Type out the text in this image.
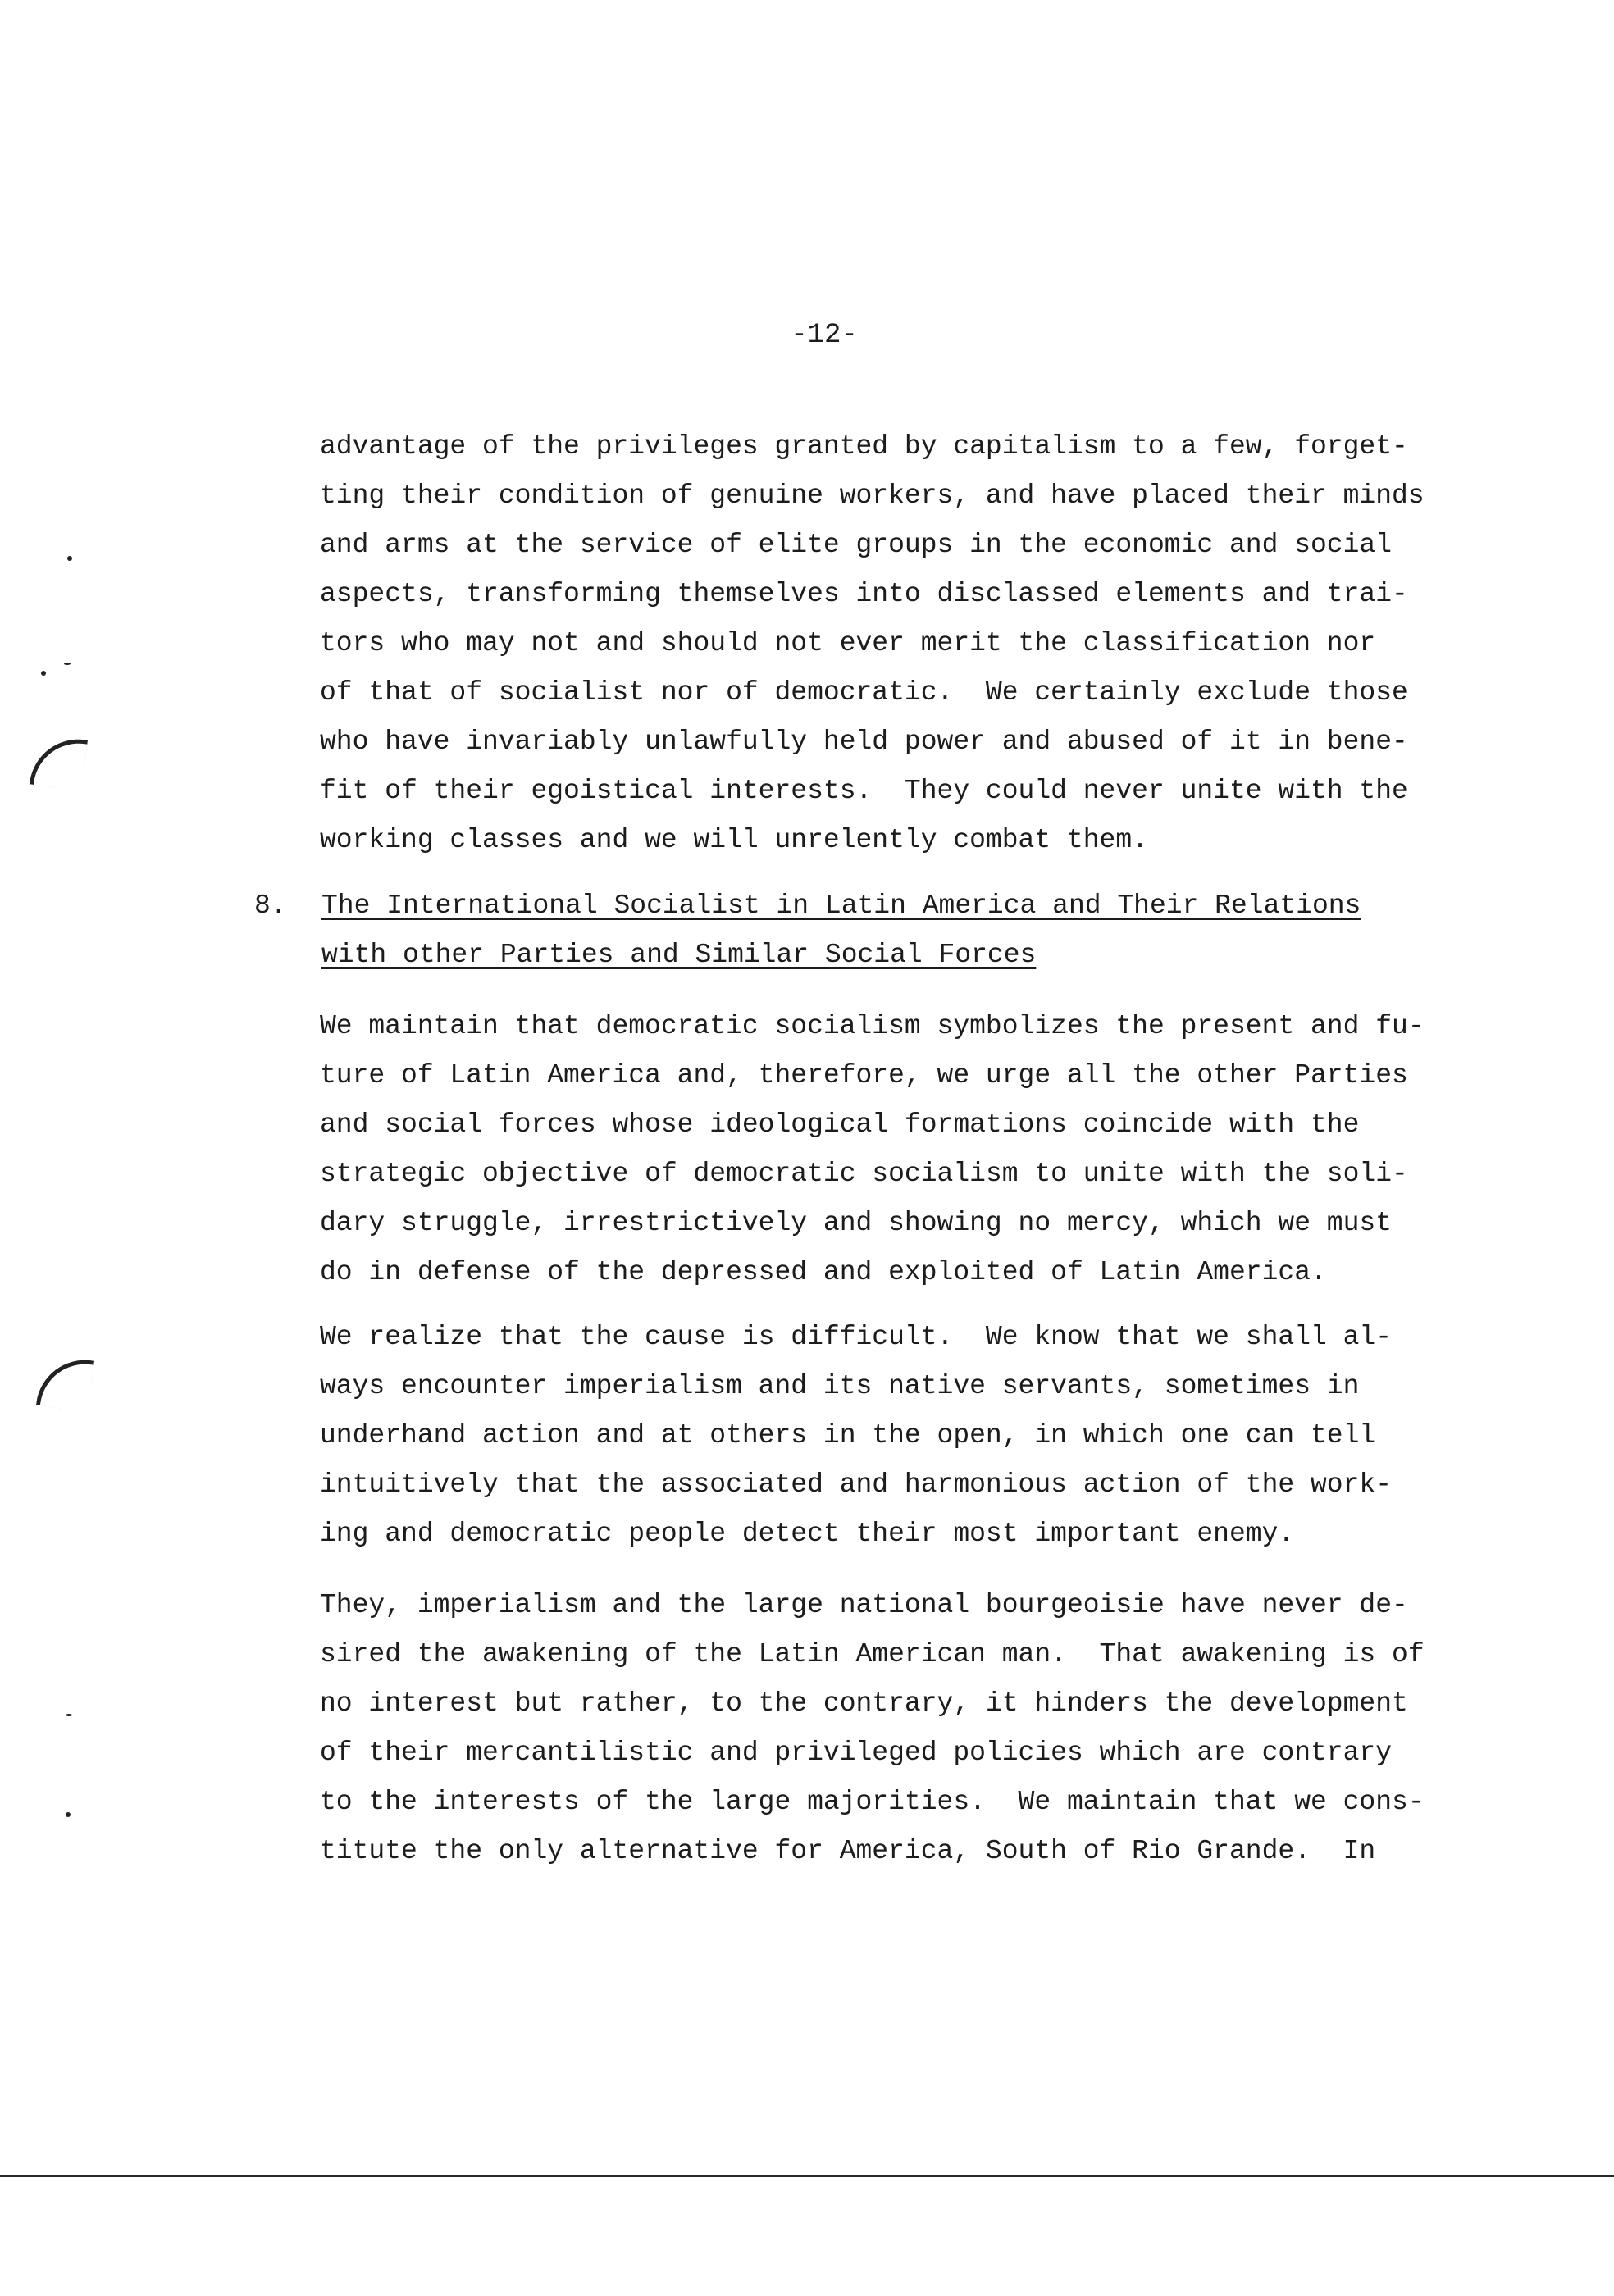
-12-
advantage of the privileges granted by capitalism to a few, forget-
ting their condition of genuine workers, and have placed their minds
and arms at the service of elite groups in the economic and social
aspects, transforming themselves into disclassed elements and trai-
tors who may not and should not ever merit the classification nor
of that of socialist nor of democratic.  We certainly exclude those
who have invariably unlawfully held power and abused of it in bene-
fit of their egoistical interests.  They could never unite with the
working classes and we will unrelently combat them.
8.	The International Socialist in Latin America and Their Relations
with other Parties and Similar Social Forces
We maintain that democratic socialism symbolizes the present and fu-
ture of Latin America and, therefore, we urge all the other Parties
and social forces whose ideological formations coincide with the
strategic objective of democratic socialism to unite with the soli-
dary struggle, irrestrictively and showing no mercy, which we must
do in defense of the depressed and exploited of Latin America.
We realize that the cause is difficult.  We know that we shall al-
ways encounter imperialism and its native servants, sometimes in
underhand action and at others in the open, in which one can tell
intuitively that the associated and harmonious action of the work-
ing and democratic people detect their most important enemy.
They, imperialism and the large national bourgeoisie have never de-
sired the awakening of the Latin American man.  That awakening is of
no interest but rather, to the contrary, it hinders the development
of their mercantilistic and privileged policies which are contrary
to the interests of the large majorities.  We maintain that we cons-
titute the only alternative for America, South of Rio Grande.  In
